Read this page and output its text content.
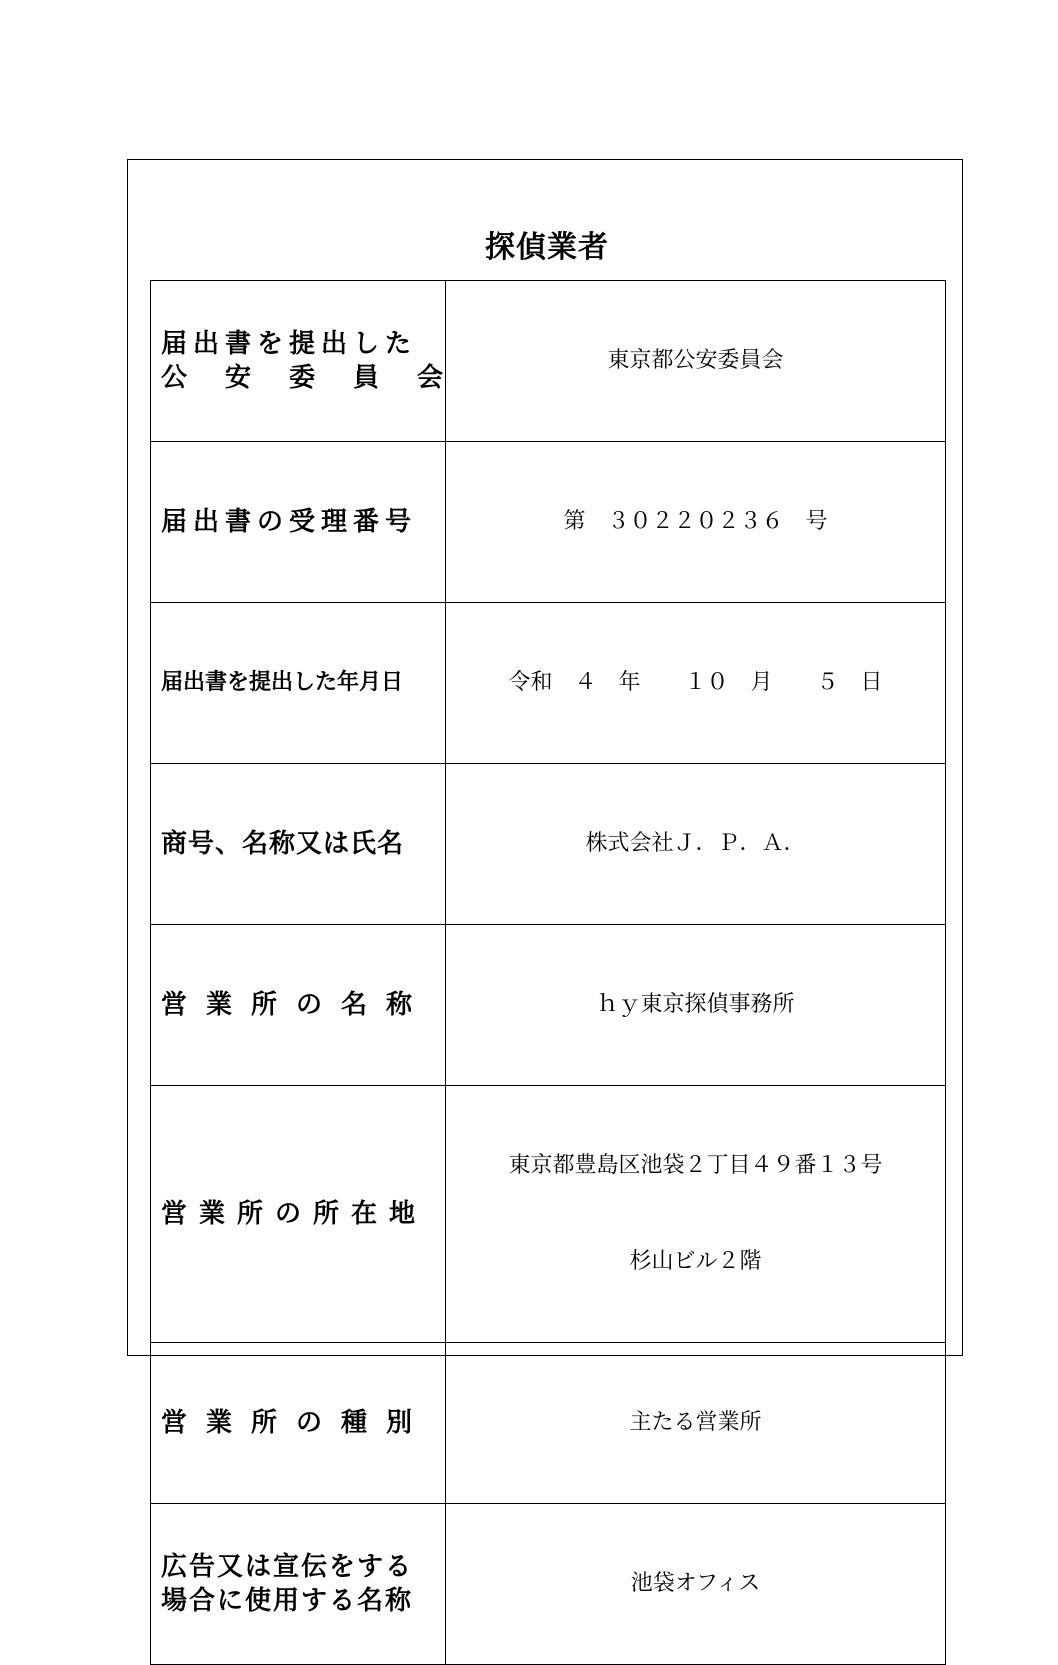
探偵業者
届出書を提出した
公　安　委　員　会	東京都公安委員会

届出書の受理番号	第　３０２２０２３６　号

届出書を提出した年月日	令和　４　年　　１０　月　　５　日

商号、名称又は氏名	株式会社Ｊ．Ｐ．Ａ．

営業所の名称	ｈｙ東京探偵事務所

営業所の所在地	東京都豊島区池袋２丁目４９番１３号

杉山ビル２階

営業所の種別	主たる営業所

広告又は宣伝をする
場合に使用する名称	池袋オフィス
